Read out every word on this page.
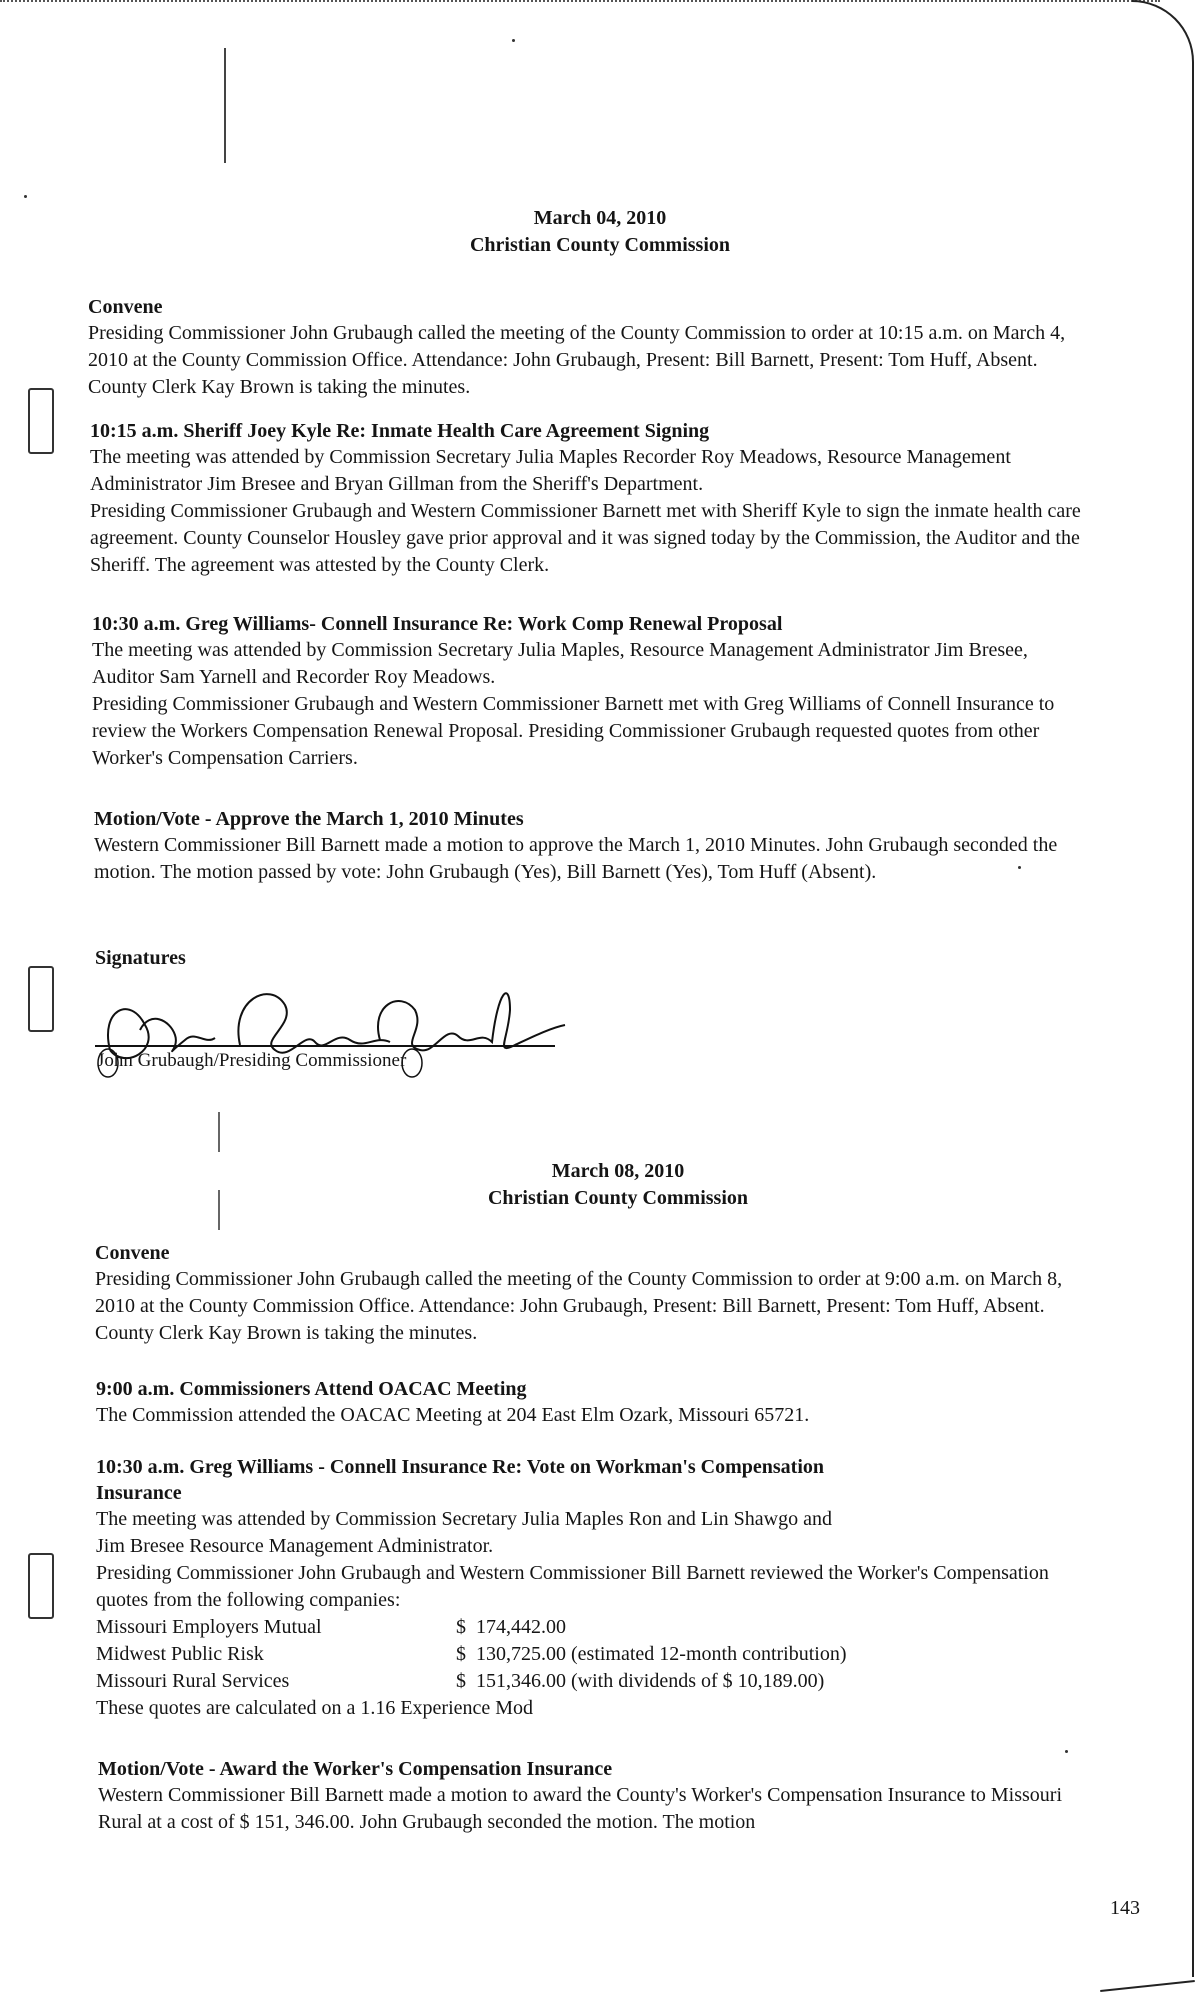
March 04, 2010
Christian County Commission

Convene

Presiding Commissioner John Grubaugh called the meeting of the County Commission to order at 10:15 a.m. on March 4, 2010 at the County Commission Office. Attendance: John Grubaugh, Present: Bill Barnett, Present: Tom Huff, Absent. County Clerk Kay Brown is taking the minutes.

10:15 a.m. Sheriff Joey Kyle Re: Inmate Health Care Agreement Signing

The meeting was attended by Commission Secretary Julia Maples Recorder Roy Meadows, Resource Management Administrator Jim Bresee and Bryan Gillman from the Sheriff's Department.

Presiding Commissioner Grubaugh and Western Commissioner Barnett met with Sheriff Kyle to sign the inmate health care agreement. County Counselor Housley gave prior approval and it was signed today by the Commission, the Auditor and the Sheriff. The agreement was attested by the County Clerk.

10:30 a.m. Greg Williams- Connell Insurance Re: Work Comp Renewal Proposal

The meeting was attended by Commission Secretary Julia Maples, Resource Management Administrator Jim Bresee, Auditor Sam Yarnell and Recorder Roy Meadows.

Presiding Commissioner Grubaugh and Western Commissioner Barnett met with Greg Williams of Connell Insurance to review the Workers Compensation Renewal Proposal. Presiding Commissioner Grubaugh requested quotes from other Worker's Compensation Carriers.

Motion/Vote - Approve the March 1, 2010 Minutes

Western Commissioner Bill Barnett made a motion to approve the March 1, 2010 Minutes. John Grubaugh seconded the motion. The motion passed by vote: John Grubaugh (Yes), Bill Barnett (Yes), Tom Huff (Absent).

Signatures

John Grubaugh/Presiding Commissioner
March 08, 2010
Christian County Commission

Convene

Presiding Commissioner John Grubaugh called the meeting of the County Commission to order at 9:00 a.m. on March 8, 2010 at the County Commission Office. Attendance: John Grubaugh, Present: Bill Barnett, Present: Tom Huff, Absent. County Clerk Kay Brown is taking the minutes.

9:00 a.m. Commissioners Attend OACAC Meeting

The Commission attended the OACAC Meeting at 204 East Elm Ozark, Missouri 65721.

10:30 a.m. Greg Williams - Connell Insurance Re: Vote on Workman's Compensation Insurance

The meeting was attended by Commission Secretary Julia Maples Ron and Lin Shawgo and Jim Bresee Resource Management Administrator.

Presiding Commissioner John Grubaugh and Western Commissioner Bill Barnett reviewed the Worker's Compensation quotes from the following companies:

Missouri Employers Mutual	$  174,442.00
Midwest Public Risk	$  130,725.00 (estimated 12-month contribution)
Missouri Rural Services	$  151,346.00 (with dividends of $ 10,189.00)

These quotes are calculated on a 1.16 Experience Mod

Motion/Vote - Award the Worker's Compensation Insurance

Western Commissioner Bill Barnett made a motion to award the County's Worker's Compensation Insurance to Missouri Rural at a cost of $ 151, 346.00. John Grubaugh seconded the motion. The motion

143
